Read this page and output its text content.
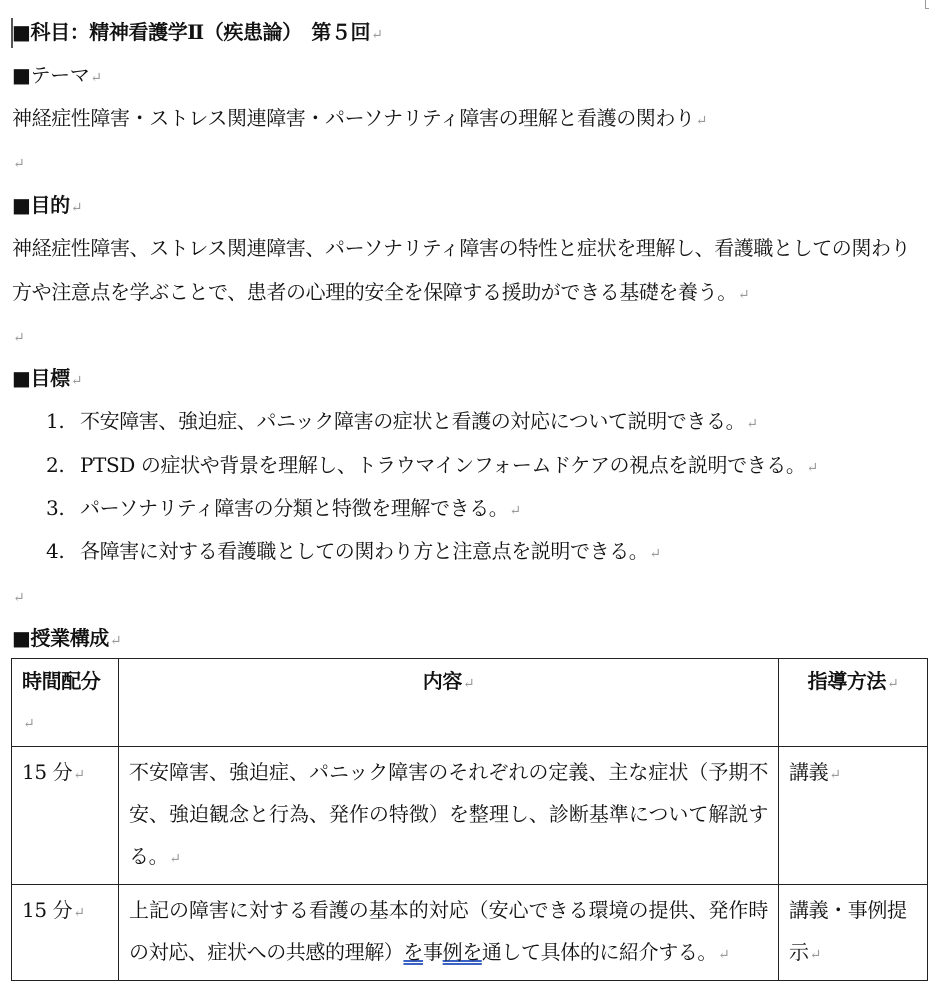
■科目：精神看護学Ⅱ（疾患論）　第５回↵
■テーマ↵
神経症性障害・ストレス関連障害・パーソナリティ障害の理解と看護の関わり↵
↵
■目的↵
神経症性障害、ストレス関連障害、パーソナリティ障害の特性と症状を理解し、看護職としての関わり
方や注意点を学ぶことで、患者の心理的安全を保障する援助ができる基礎を養う。↵
↵
■目標↵
1. 不安障害、強迫症、パニック障害の症状と看護の対応について説明できる。↵
2. PTSD の症状や背景を理解し、トラウマインフォームドケアの視点を説明できる。↵
3. パーソナリティ障害の分類と特徴を理解できる。↵
4. 各障害に対する看護職としての関わり方と注意点を説明できる。↵
↵
■授業構成↵
時間配分↵	内容↵	指導方法↵
15 分↵	不安障害、強迫症、パニック障害のそれぞれの定義、主な症状（予期不安、強迫観念と行為、発作の特徴）を整理し、診断基準について解説する。↵	講義↵
15 分↵	上記の障害に対する看護の基本的対応（安心できる環境の提供、発作時の対応、症状への共感的理解）を事例を通して具体的に紹介する。↵	講義・事例提示↵
